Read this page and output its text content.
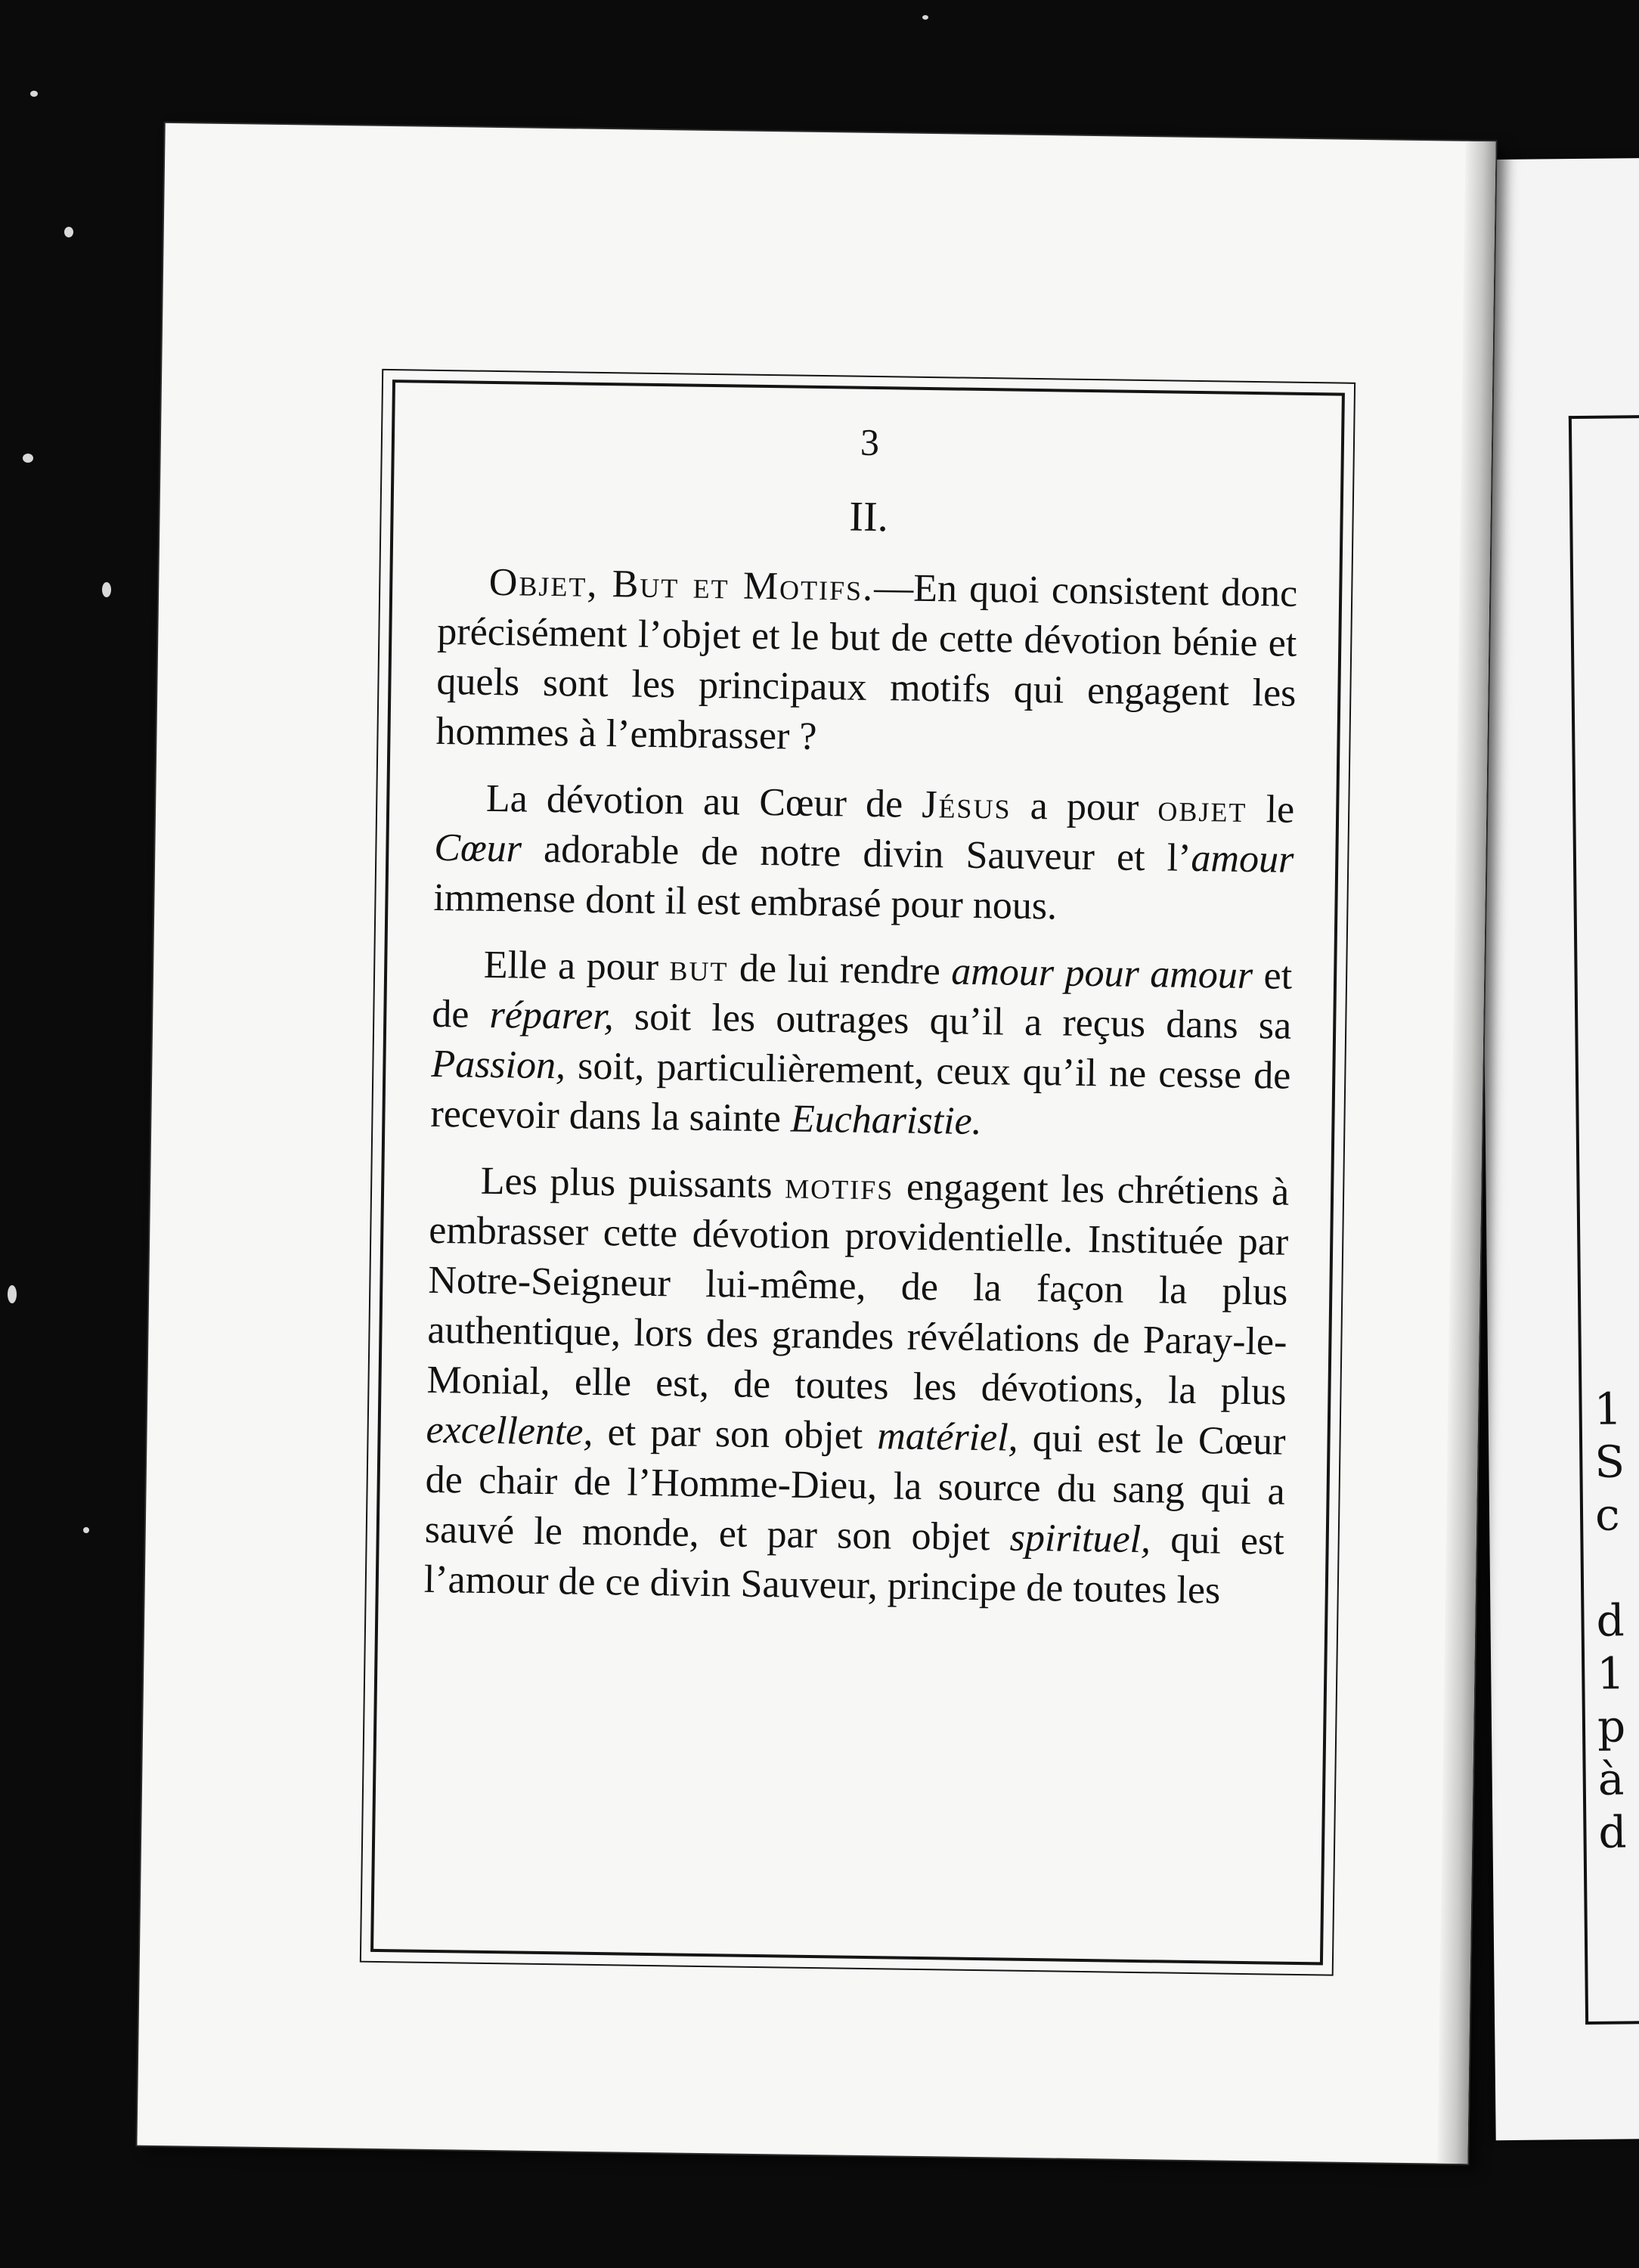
1
S
c
d
1
p
à
d
3
II.

Objet, But et Motifs.—En quoi consistent donc précisément l’objet et le but de cette dévotion bénie et quels sont les principaux motifs qui engagent les hommes à l’embrasser ?

La dévotion au Cœur de Jésus a pour objet le Cœur adorable de notre divin Sauveur et l’amour immense dont il est embrasé pour nous.

Elle a pour but de lui rendre amour pour amour et de réparer, soit les outrages qu’il a reçus dans sa Passion, soit, particulièrement, ceux qu’il ne cesse de recevoir dans la sainte Eucharistie.

Les plus puissants motifs engagent les chrétiens à embrasser cette dévotion providentielle. Instituée par Notre-Seigneur lui-même, de la façon la plus authentique, lors des grandes révélations de Paray-le-Monial, elle est, de toutes les dévotions, la plus excellente, et par son objet matériel, qui est le Cœur de chair de l’Homme-Dieu, la source du sang qui a sauvé le monde, et par son objet spirituel, qui est l’amour de ce divin Sauveur, principe de toutes les
